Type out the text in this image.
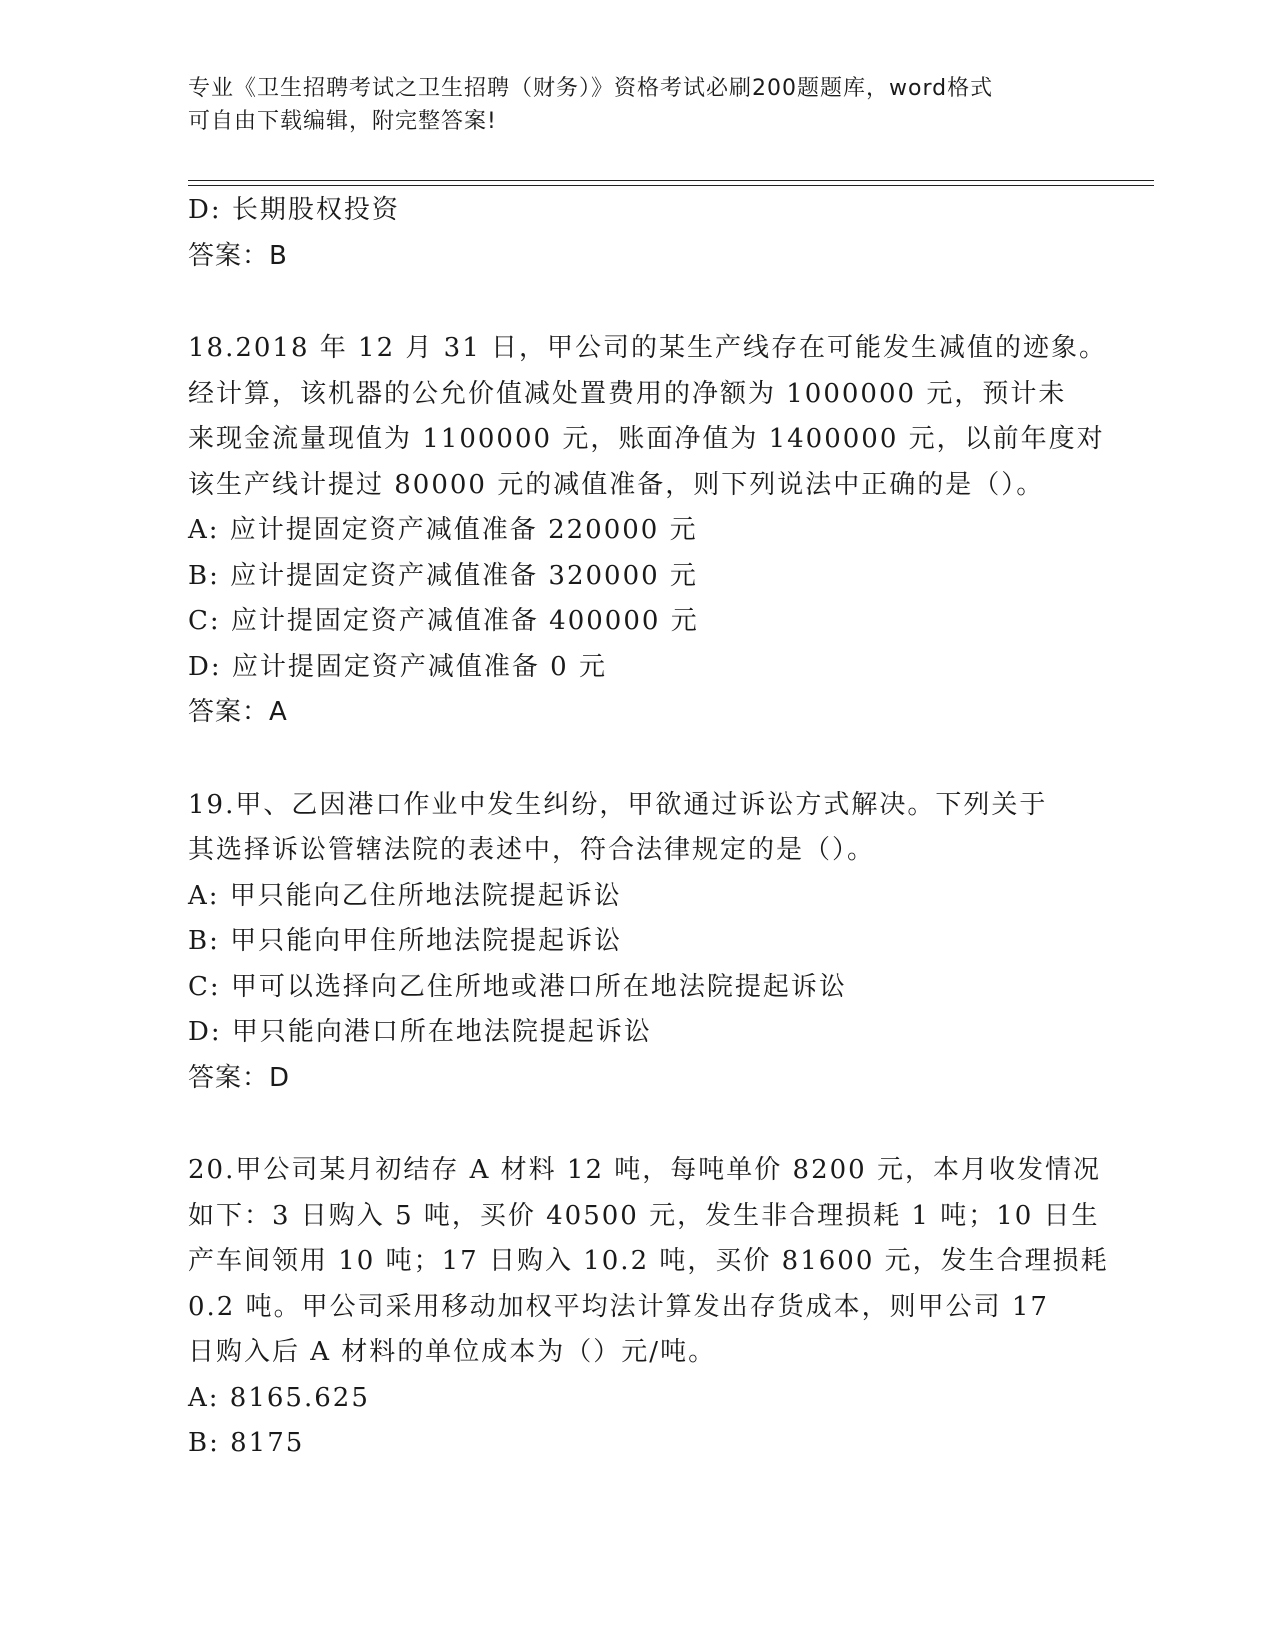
专业《卫生招聘考试之卫生招聘（财务）》资格考试必刷200题题库，word格式
可自由下载编辑，附完整答案!
D: 长期股权投资
答案：B
18.2018 年 12 月 31 日，甲公司的某生产线存在可能发生减值的迹象。
经计算，该机器的公允价值减处置费用的净额为 1000000 元，预计未
来现金流量现值为 1100000 元，账面净值为 1400000 元，以前年度对
该生产线计提过 80000 元的减值准备，则下列说法中正确的是（）。
A: 应计提固定资产减值准备 220000 元
B: 应计提固定资产减值准备 320000 元
C: 应计提固定资产减值准备 400000 元
D: 应计提固定资产减值准备 0 元
答案：A
19.甲、乙因港口作业中发生纠纷，甲欲通过诉讼方式解决。下列关于
其选择诉讼管辖法院的表述中，符合法律规定的是（）。
A: 甲只能向乙住所地法院提起诉讼
B: 甲只能向甲住所地法院提起诉讼
C: 甲可以选择向乙住所地或港口所在地法院提起诉讼
D: 甲只能向港口所在地法院提起诉讼
答案：D
20.甲公司某月初结存 A 材料 12 吨，每吨单价 8200 元，本月收发情况
如下：3 日购入 5 吨，买价 40500 元，发生非合理损耗 1 吨；10 日生
产车间领用 10 吨；17 日购入 10.2 吨，买价 81600 元，发生合理损耗
0.2 吨。甲公司采用移动加权平均法计算发出存货成本，则甲公司 17
日购入后 A 材料的单位成本为（）元/吨。
A: 8165.625
B: 8175
